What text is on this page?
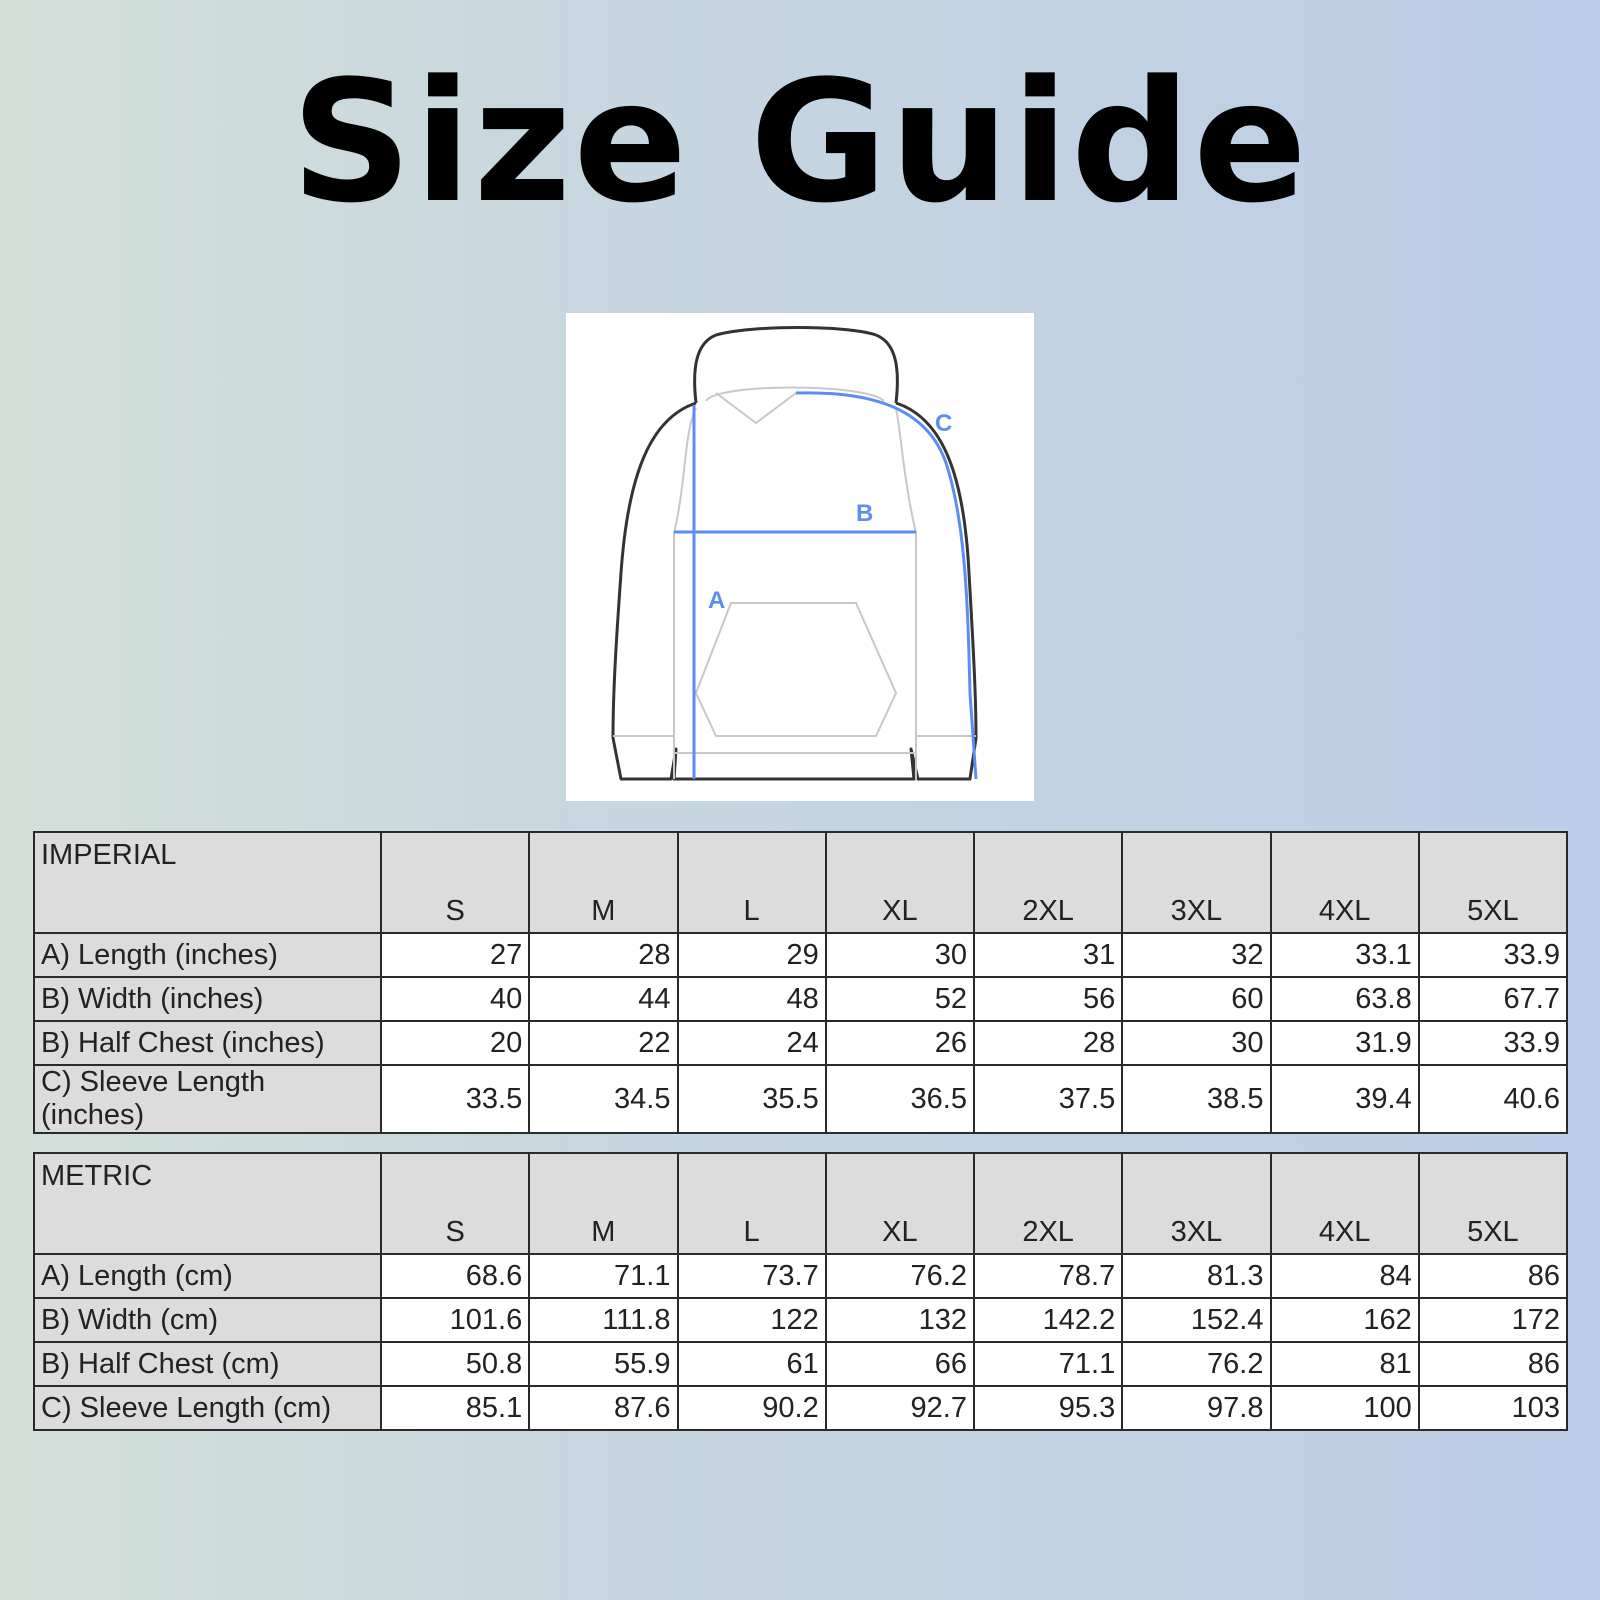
Size Guide
A
B
C
IMPERIAL	S	M	L	XL	2XL	3XL	4XL	5XL
A) Length (inches)	27	28	29	30	31	32	33.1	33.9
B) Width (inches)	40	44	48	52	56	60	63.8	67.7
B) Half Chest (inches)	20	22	24	26	28	30	31.9	33.9
C) Sleeve Length (inches)	33.5	34.5	35.5	36.5	37.5	38.5	39.4	40.6
METRIC	S	M	L	XL	2XL	3XL	4XL	5XL
A) Length (cm)	68.6	71.1	73.7	76.2	78.7	81.3	84	86
B) Width (cm)	101.6	111.8	122	132	142.2	152.4	162	172
B) Half Chest (cm)	50.8	55.9	61	66	71.1	76.2	81	86
C) Sleeve Length (cm)	85.1	87.6	90.2	92.7	95.3	97.8	100	103
